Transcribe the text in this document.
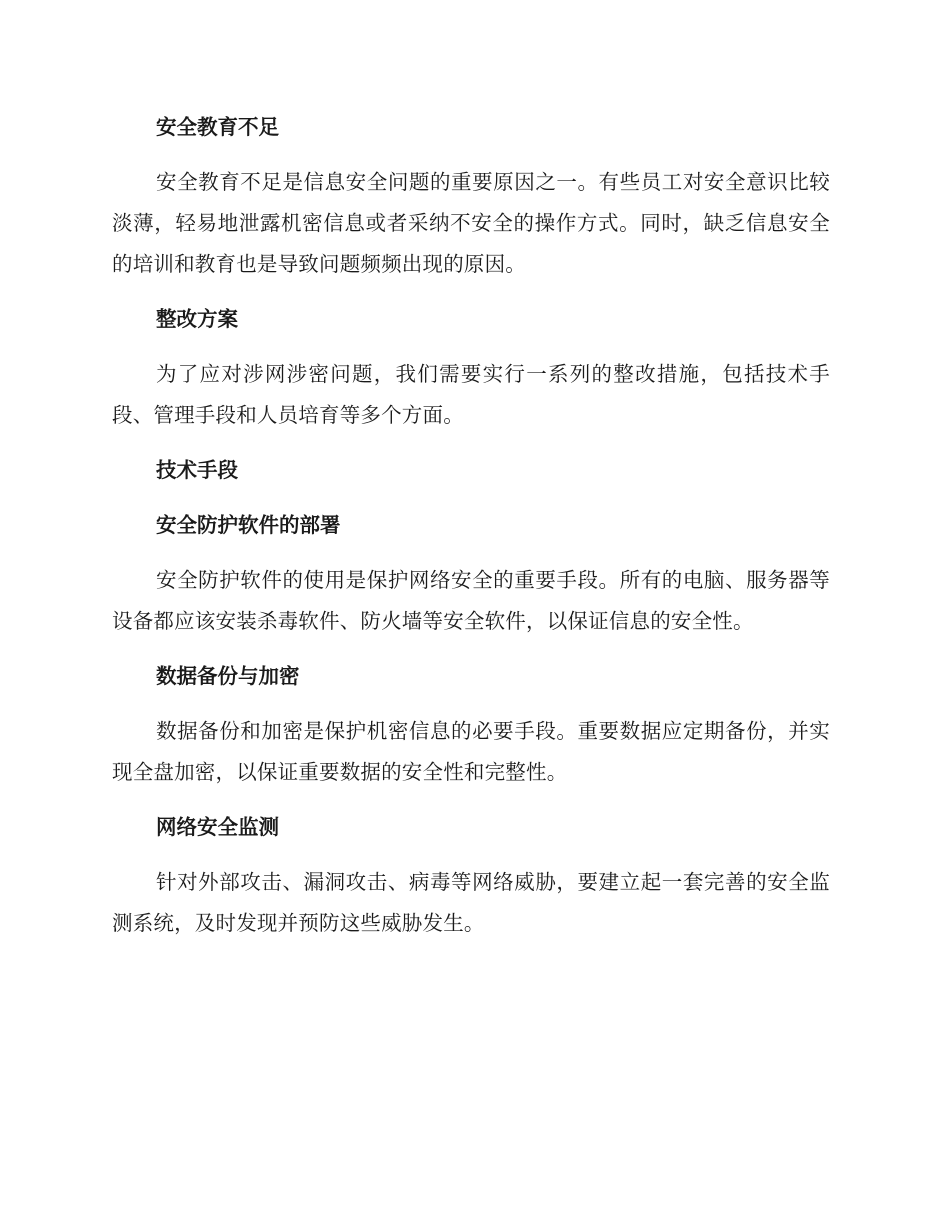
安全教育不足

安全教育不足是信息安全问题的重要原因之一。有些员工对安全意识比较淡薄，轻易地泄露机密信息或者采纳不安全的操作方式。同时，缺乏信息安全的培训和教育也是导致问题频频出现的原因。

整改方案

为了应对涉网涉密问题，我们需要实行一系列的整改措施，包括技术手段、管理手段和人员培育等多个方面。

技术手段
安全防护软件的部署

安全防护软件的使用是保护网络安全的重要手段。所有的电脑、服务器等设备都应该安装杀毒软件、防火墙等安全软件，以保证信息的安全性。

数据备份与加密

数据备份和加密是保护机密信息的必要手段。重要数据应定期备份，并实现全盘加密，以保证重要数据的安全性和完整性。

网络安全监测

针对外部攻击、漏洞攻击、病毒等网络威胁，要建立起一套完善的安全监测系统，及时发现并预防这些威胁发生。
